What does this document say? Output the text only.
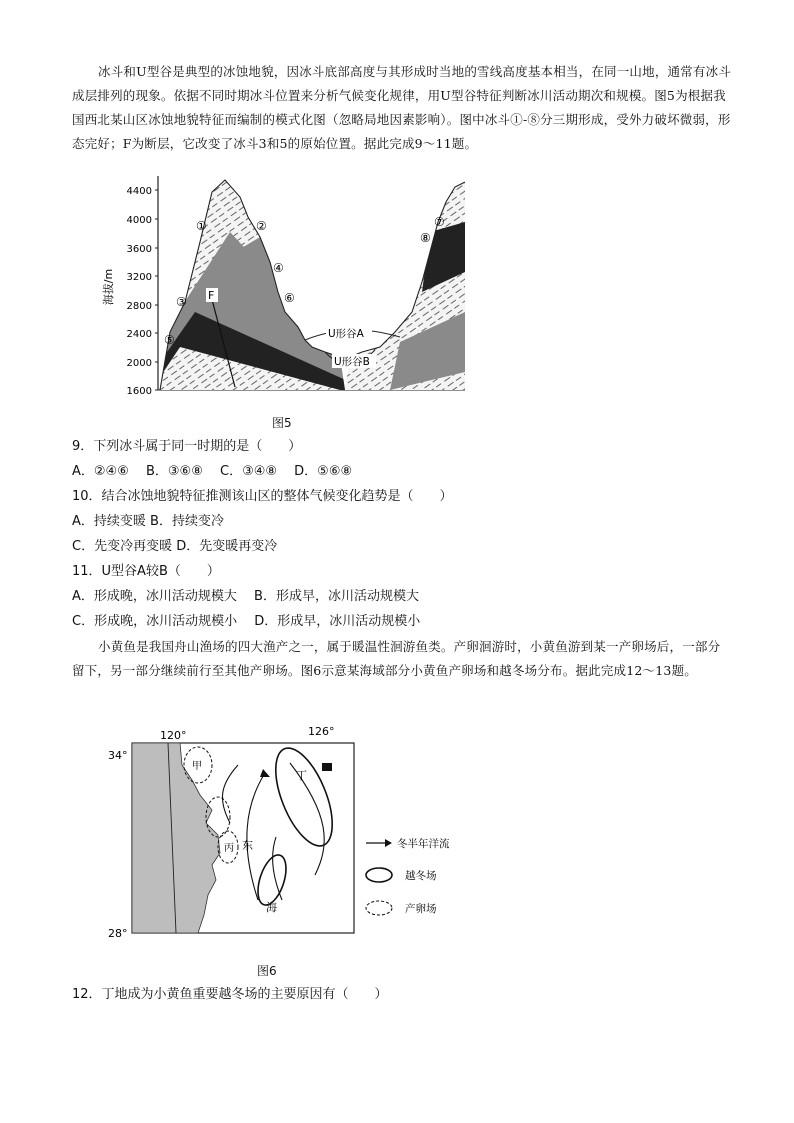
冰斗和U型谷是典型的冰蚀地貌，因冰斗底部高度与其形成时当地的雪线高度基本相当，在同一山地，通常有冰斗成层排列的现象。依据不同时期冰斗位置来分析气候变化规律，用U型谷特征判断冰川活动期次和规模。图5为根据我国西北某山区冰蚀地貌特征而编制的模式化图（忽略局地因素影响）。图中冰斗①-⑧分三期形成，受外力破坏微弱，形态完好；F为断层，它改变了冰斗3和5的原始位置。据此完成9～11题。
4400
4000
3600
3200
2800
2400
2000
1600
海拔/m	F
①	②
③
④
⑤
⑥
⑦
⑧
U形谷A
U形谷B
图5
9．下列冰斗属于同一时期的是（　　）
A．②④⑥　 B．③⑥⑧　 C．③④⑧　 D．⑤⑥⑧
10．结合冰蚀地貌特征推测该山区的整体气候变化趋势是（　　）
A．持续变暖 B．持续变冷
C．先变冷再变暖 D．先变暖再变冷
11．U型谷A较B（　　）
A．形成晚，冰川活动规模大　 B．形成早，冰川活动规模大
C．形成晚，冰川活动规模小　 D．形成早，冰川活动规模小
小黄鱼是我国舟山渔场的四大渔产之一，属于暖温性洄游鱼类。产卵洄游时，小黄鱼游到某一产卵场后，一部分留下，另一部分继续前行至其他产卵场。图6示意某海域部分小黄鱼产卵场和越冬场分布。据此完成12～13题。
120°	126°
34°
28°
甲
丁
丙 东
海
冬半年洋流
越冬场
产卵场
图6
12．丁地成为小黄鱼重要越冬场的主要原因有（　　）
